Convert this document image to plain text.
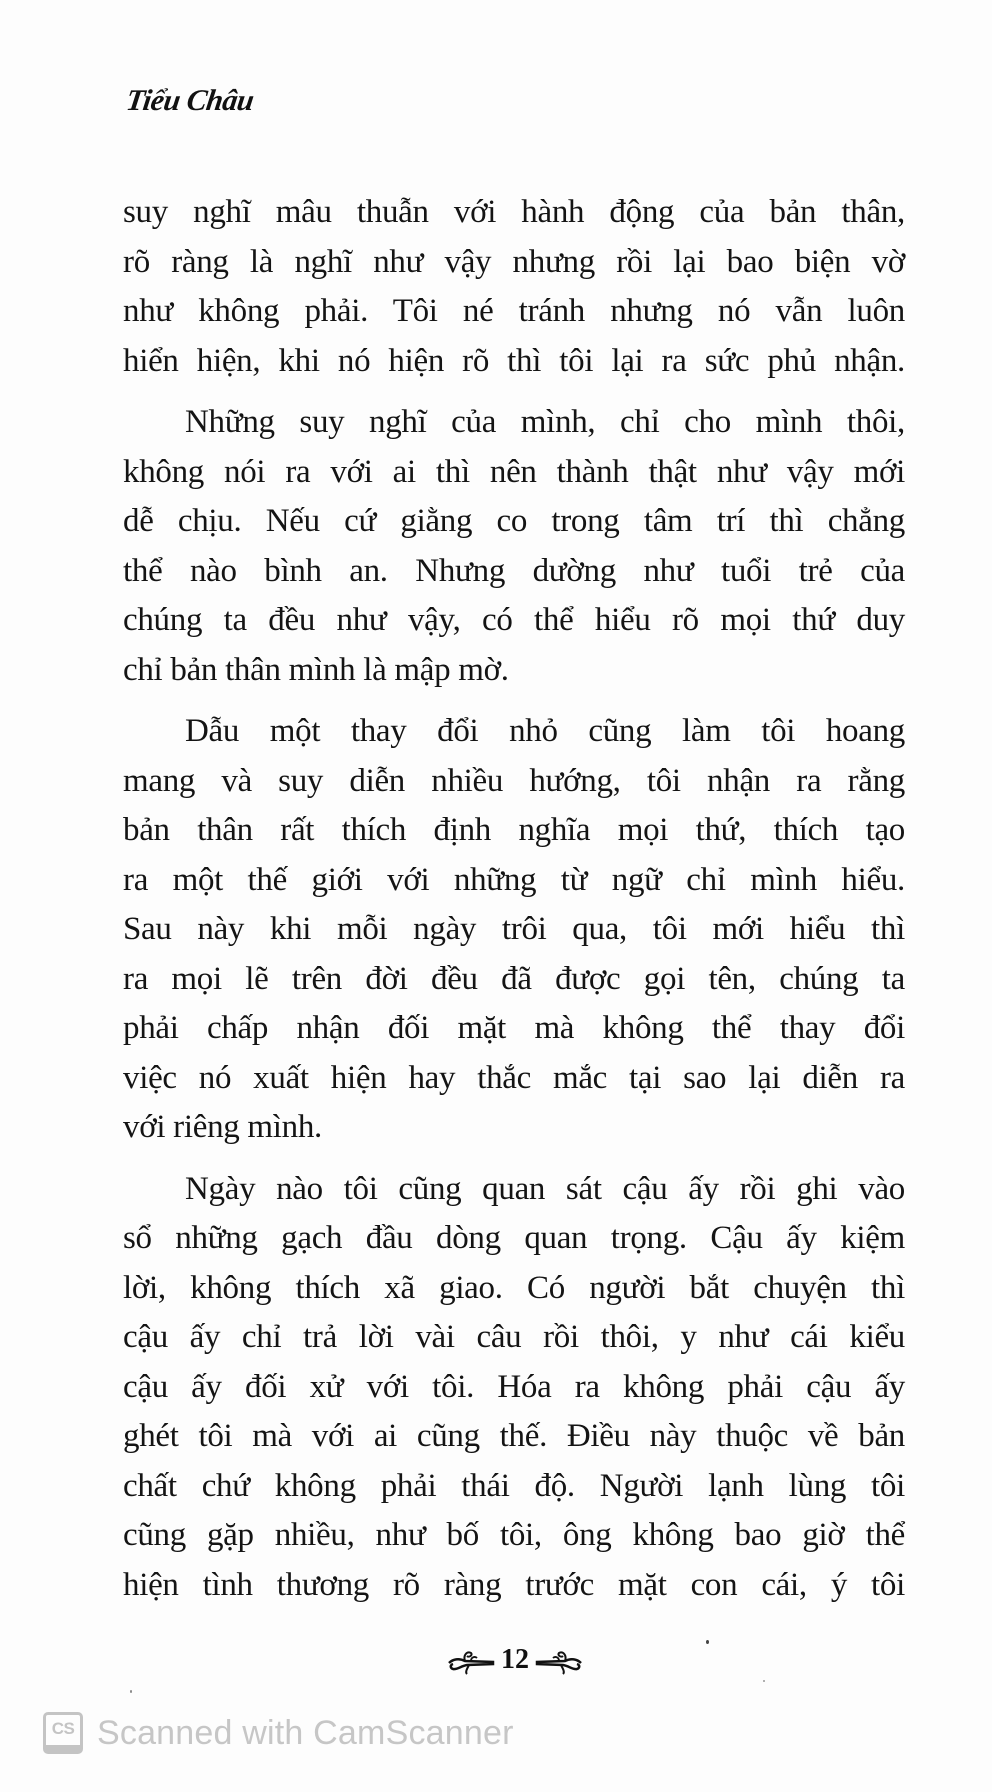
Tiểu Châu
suy nghĩ mâu thuẫn với hành động của bản thân,
rõ ràng là nghĩ như vậy nhưng rồi lại bao biện vờ
như không phải. Tôi né tránh nhưng nó vẫn luôn
hiển hiện, khi nó hiện rõ thì tôi lại ra sức phủ nhận.
Những suy nghĩ của mình, chỉ cho mình thôi,
không nói ra với ai thì nên thành thật như vậy mới
dễ chịu. Nếu cứ giằng co trong tâm trí thì chẳng
thể nào bình an. Nhưng dường như tuổi trẻ của
chúng ta đều như vậy, có thể hiểu rõ mọi thứ duy
chỉ bản thân mình là mập mờ.
Dẫu một thay đổi nhỏ cũng làm tôi hoang
mang và suy diễn nhiều hướng, tôi nhận ra rằng
bản thân rất thích định nghĩa mọi thứ, thích tạo
ra một thế giới với những từ ngữ chỉ mình hiểu.
Sau này khi mỗi ngày trôi qua, tôi mới hiểu thì
ra mọi lẽ trên đời đều đã được gọi tên, chúng ta
phải chấp nhận đối mặt mà không thể thay đổi
việc nó xuất hiện hay thắc mắc tại sao lại diễn ra
với riêng mình.
Ngày nào tôi cũng quan sát cậu ấy rồi ghi vào
sổ những gạch đầu dòng quan trọng. Cậu ấy kiệm
lời, không thích xã giao. Có người bắt chuyện thì
cậu ấy chỉ trả lời vài câu rồi thôi, y như cái kiểu
cậu ấy đối xử với tôi. Hóa ra không phải cậu ấy
ghét tôi mà với ai cũng thế. Điều này thuộc về bản
chất chứ không phải thái độ. Người lạnh lùng tôi
cũng gặp nhiều, như bố tôi, ông không bao giờ thể
hiện tình thương rõ ràng trước mặt con cái, ý tôi
12
CS Scanned with CamScanner
